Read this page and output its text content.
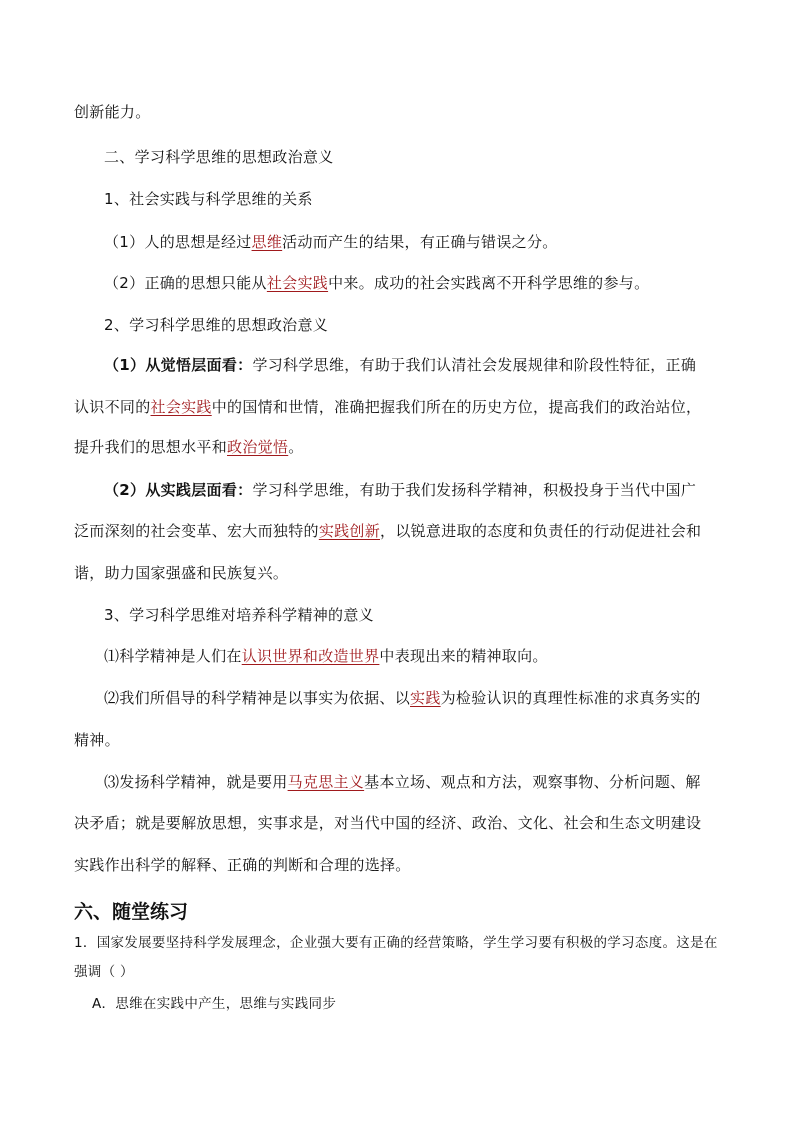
创新能力。
二、学习科学思维的思想政治意义
1、社会实践与科学思维的关系
（1）人的思想是经过思维活动而产生的结果，有正确与错误之分。
（2）正确的思想只能从社会实践中来。成功的社会实践离不开科学思维的参与。
2、学习科学思维的思想政治意义
（1）从觉悟层面看：学习科学思维，有助于我们认清社会发展规律和阶段性特征，正确
认识不同的社会实践中的国情和世情，准确把握我们所在的历史方位，提高我们的政治站位，
提升我们的思想水平和政治觉悟。
（2）从实践层面看：学习科学思维，有助于我们发扬科学精神，积极投身于当代中国广
泛而深刻的社会变革、宏大而独特的实践创新，以锐意进取的态度和负责任的行动促进社会和
谐，助力国家强盛和民族复兴。
3、学习科学思维对培养科学精神的意义
⑴科学精神是人们在认识世界和改造世界中表现出来的精神取向。
⑵我们所倡导的科学精神是以事实为依据、以实践为检验认识的真理性标准的求真务实的
精神。
⑶发扬科学精神，就是要用马克思主义基本立场、观点和方法，观察事物、分析问题、解
决矛盾；就是要解放思想，实事求是，对当代中国的经济、政治、文化、社会和生态文明建设
实践作出科学的解释、正确的判断和合理的选择。
六、随堂练习
1．国家发展要坚持科学发展理念，企业强大要有正确的经营策略，学生学习要有积极的学习态度。这是在
强调（ ）
A．思维在实践中产生，思维与实践同步
